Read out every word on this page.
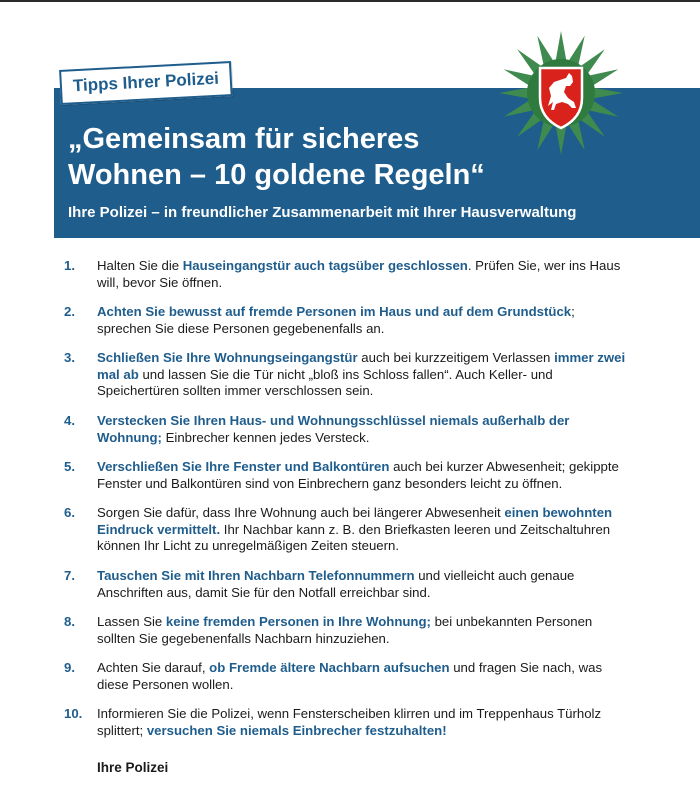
„Gemeinsam für sicheres
Wohnen – 10 goldene Regeln“
Ihre Polizei – in freundlicher Zusammenarbeit mit Ihrer Hausverwaltung
Tipps Ihrer Polizei
1. Halten Sie die Hauseingangstür auch tagsüber geschlossen. Prüfen Sie, wer ins Haus will, bevor Sie öffnen.
2. Achten Sie bewusst auf fremde Personen im Haus und auf dem Grundstück; sprechen Sie diese Personen gegebenenfalls an.
3. Schließen Sie Ihre Wohnungseingangstür auch bei kurzzeitigem Verlassen immer zwei mal ab und lassen Sie die Tür nicht „bloß ins Schloss fallen“. Auch Keller- und Speichertüren sollten immer verschlossen sein.
4. Verstecken Sie Ihren Haus- und Wohnungsschlüssel niemals außerhalb der Wohnung; Einbrecher kennen jedes Versteck.
5. Verschließen Sie Ihre Fenster und Balkontüren auch bei kurzer Abwesenheit; gekippte Fenster und Balkontüren sind von Einbrechern ganz besonders leicht zu öffnen.
6. Sorgen Sie dafür, dass Ihre Wohnung auch bei längerer Abwesenheit einen bewohnten Eindruck vermittelt. Ihr Nachbar kann z. B. den Briefkasten leeren und Zeitschaltuhren können Ihr Licht zu unregelmäßigen Zeiten steuern.
7. Tauschen Sie mit Ihren Nachbarn Telefonnummern und vielleicht auch genaue Anschriften aus, damit Sie für den Notfall erreichbar sind.
8. Lassen Sie keine fremden Personen in Ihre Wohnung; bei unbekannten Personen sollten Sie gegebenenfalls Nachbarn hinzuziehen.
9. Achten Sie darauf, ob Fremde ältere Nachbarn aufsuchen und fragen Sie nach, was diese Personen wollen.
10. Informieren Sie die Polizei, wenn Fensterscheiben klirren und im Treppenhaus Türholz splittert; versuchen Sie niemals Einbrecher festzuhalten!
Ihre Polizei
